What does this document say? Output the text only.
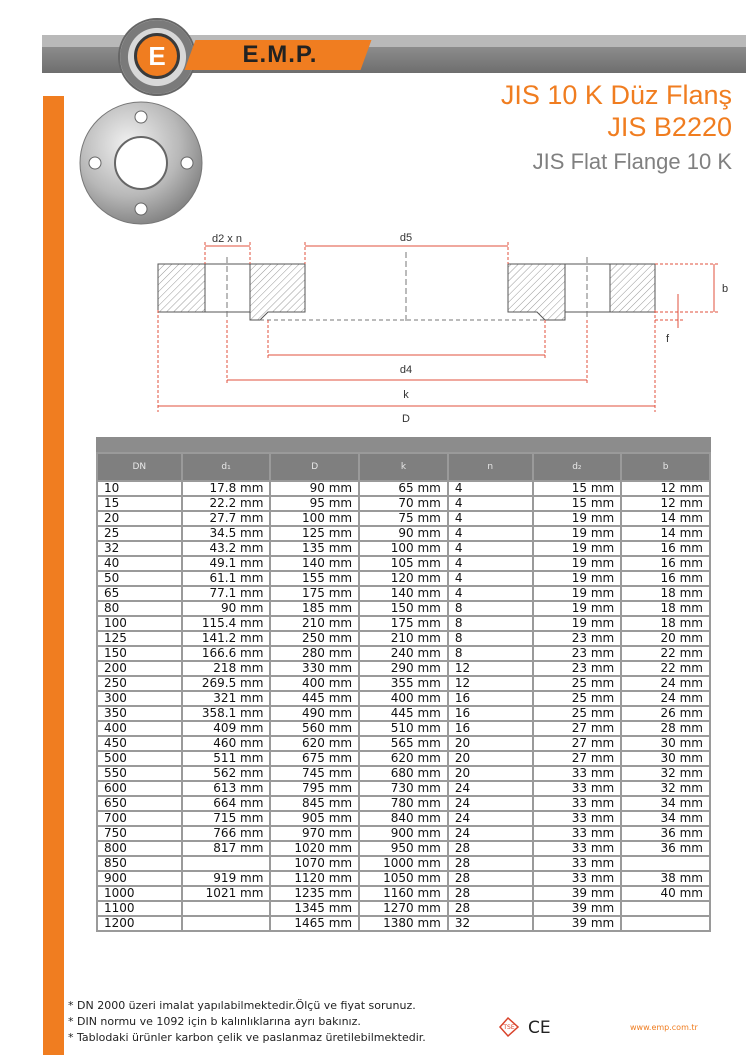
E	E.M.P.
JIS 10 K Düz Flanş
JIS B2220
JIS Flat Flange 10 K
d2 x n	d5
d4
k
D
b
f
DN	d₁	D	k	n	d₂	b
10	17.8 mm	90 mm	65 mm	4	15 mm	12 mm
15	22.2 mm	95 mm	70 mm	4	15 mm	12 mm
20	27.7 mm	100 mm	75 mm	4	19 mm	14 mm
25	34.5 mm	125 mm	90 mm	4	19 mm	14 mm
32	43.2 mm	135 mm	100 mm	4	19 mm	16 mm
40	49.1 mm	140 mm	105 mm	4	19 mm	16 mm
50	61.1 mm	155 mm	120 mm	4	19 mm	16 mm
65	77.1 mm	175 mm	140 mm	4	19 mm	18 mm
80	90 mm	185 mm	150 mm	8	19 mm	18 mm
100	115.4 mm	210 mm	175 mm	8	19 mm	18 mm
125	141.2 mm	250 mm	210 mm	8	23 mm	20 mm
150	166.6 mm	280 mm	240 mm	8	23 mm	22 mm
200	218 mm	330 mm	290 mm	12	23 mm	22 mm
250	269.5 mm	400 mm	355 mm	12	25 mm	24 mm
300	321 mm	445 mm	400 mm	16	25 mm	24 mm
350	358.1 mm	490 mm	445 mm	16	25 mm	26 mm
400	409 mm	560 mm	510 mm	16	27 mm	28 mm
450	460 mm	620 mm	565 mm	20	27 mm	30 mm
500	511 mm	675 mm	620 mm	20	27 mm	30 mm
550	562 mm	745 mm	680 mm	20	33 mm	32 mm
600	613 mm	795 mm	730 mm	24	33 mm	32 mm
650	664 mm	845 mm	780 mm	24	33 mm	34 mm
700	715 mm	905 mm	840 mm	24	33 mm	34 mm
750	766 mm	970 mm	900 mm	24	33 mm	36 mm
800	817 mm	1020 mm	950 mm	28	33 mm	36 mm
850		1070 mm	1000 mm	28	33 mm	
900	919 mm	1120 mm	1050 mm	28	33 mm	38 mm
1000	1021 mm	1235 mm	1160 mm	28	39 mm	40 mm
1100		1345 mm	1270 mm	28	39 mm	
1200		1465 mm	1380 mm	32	39 mm	
* DN 2000 üzeri imalat yapılabilmektedir.Ölçü ve fiyat sorunuz.
* DIN normu ve 1092 için b kalınlıklarına ayrı bakınız.
* Tablodaki ürünler karbon çelik ve paslanmaz üretilebilmektedir.
TSE CE	www.emp.com.tr
